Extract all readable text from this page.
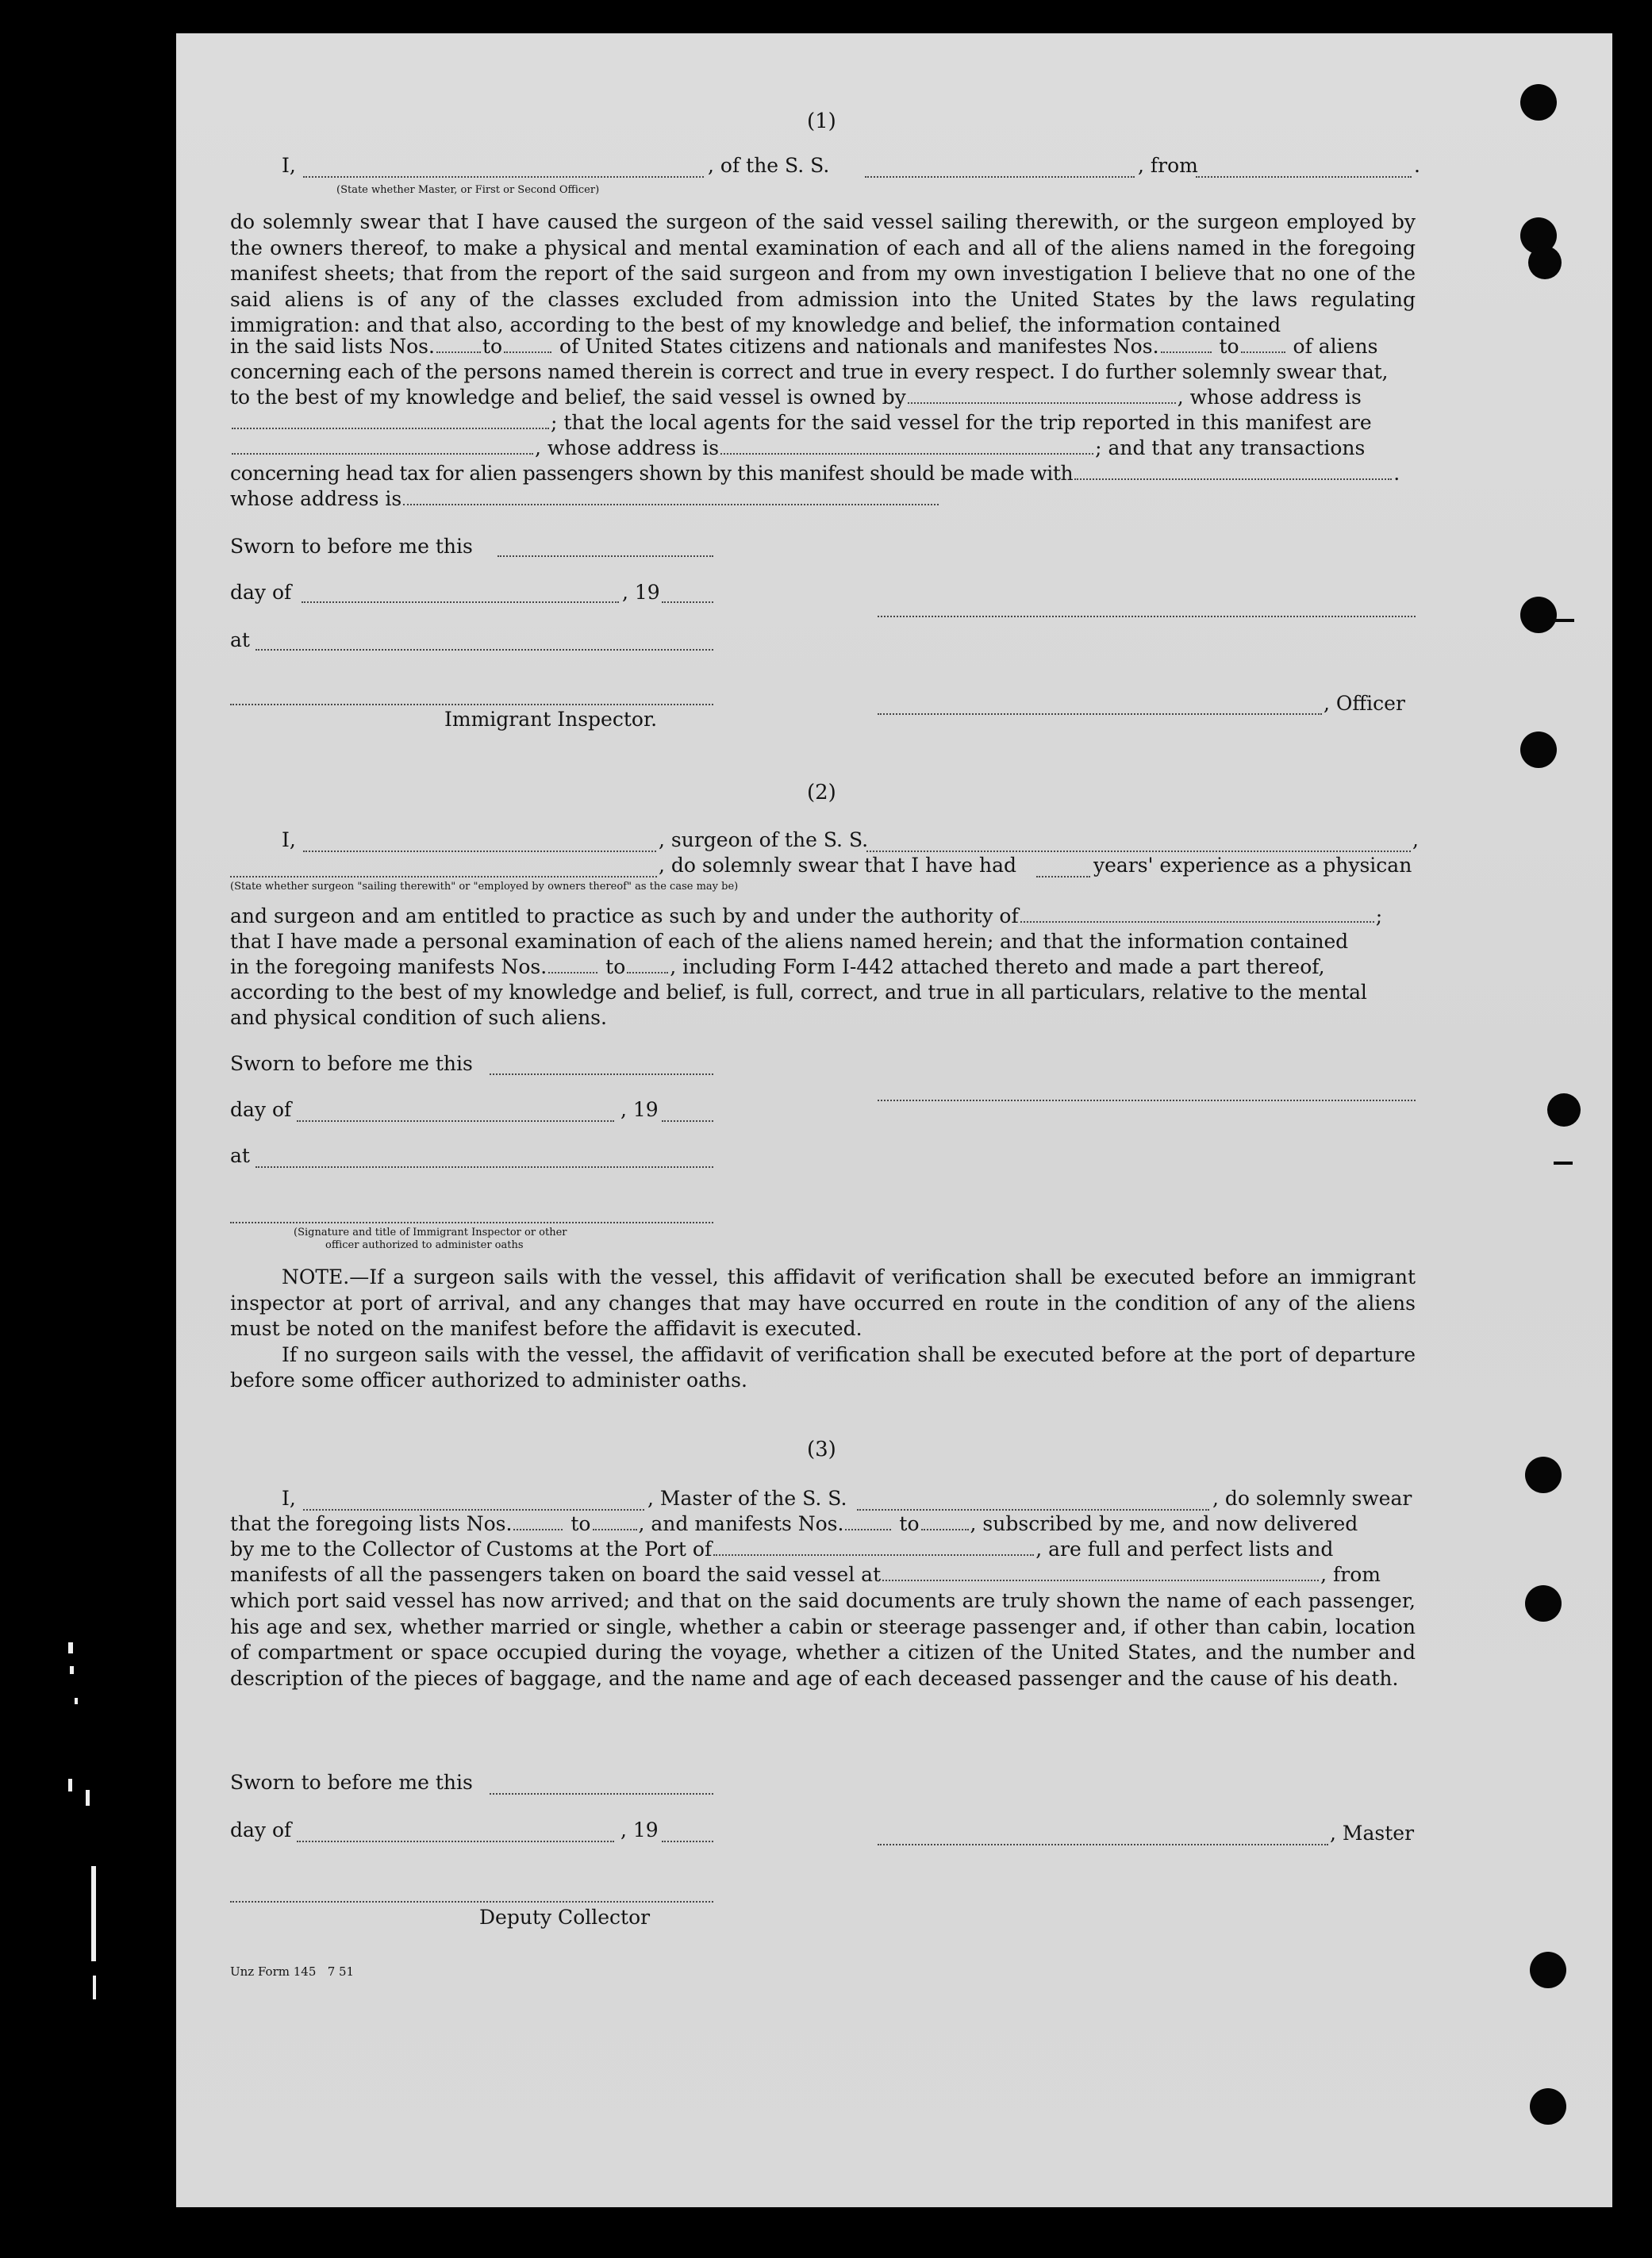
(1)
I,	, of the S. S.	, from	.
(State whether Master, or First or Second Officer)

do solemnly swear that I have caused the surgeon of the said vessel sailing therewith, or the surgeon employed by the owners thereof, to make a physical and mental examination of each and all of the aliens named in the foregoing manifest sheets; that from the report of the said surgeon and from my own investigation I believe that no one of the said aliens is of any of the classes excluded from admission into the United States by the laws regulating immigration: and that also, according to the best of my knowledge and belief, the information contained

in the said lists Nos. to	of United States citizens and nationals and manifestes Nos.	to	of aliens
concerning each of the persons named therein is correct and true in every respect. I do further solemnly swear that,
to the best of my knowledge and belief, the said vessel is owned by	, whose address is
; that the local agents for the said vessel for the trip reported in this manifest are
, whose address is	; and that any transactions
concerning head tax for alien passengers shown by this manifest should be made with	.
whose address is
Sworn to before me this
day of	, 19
at
, Officer
Immigrant Inspector.
(2)
I,	, surgeon of the S. S.	,
, do solemnly swear that I have had	years' experience as a physican
(State whether surgeon "sailing therewith" or "employed by owners thereof" as the case may be)
and surgeon and am entitled to practice as such by and under the authority of	;
that I have made a personal examination of each of the aliens named herein; and that the information contained
in the foregoing manifests Nos.	to , including Form I-442 attached thereto and made a part thereof,
according to the best of my knowledge and belief, is full, correct, and true in all particulars, relative to the mental
and physical condition of such aliens.
Sworn to before me this
day of	, 19
at
(Signature and title of Immigrant Inspector or other
officer authorized to administer oaths

NOTE.—If a surgeon sails with the vessel, this affidavit of verification shall be executed before an immigrant inspector at port of arrival, and any changes that may have occurred en route in the condition of any of the aliens must be noted on the manifest before the affidavit is executed.

If no surgeon sails with the vessel, the affidavit of verification shall be executed before at the port of departure before some officer authorized to administer oaths.

(3)
I,	, Master of the S. S.	, do solemnly swear
that the foregoing lists Nos.	to , and manifests Nos.	to	, subscribed by me, and now delivered
by me to the Collector of Customs at the Port of	, are full and perfect lists and
manifests of all the passengers taken on board the said vessel at	, from

which port said vessel has now arrived; and that on the said documents are truly shown the name of each passenger, his age and sex, whether married or single, whether a cabin or steerage passenger and, if other than cabin, location of compartment or space occupied during the voyage, whether a citizen of the United States, and the number and description of the pieces of baggage, and the name and age of each deceased passenger and the cause of his death.

Sworn to before me this
day of	, 19	, Master
Deputy Collector
Unz Form 145   7 51
